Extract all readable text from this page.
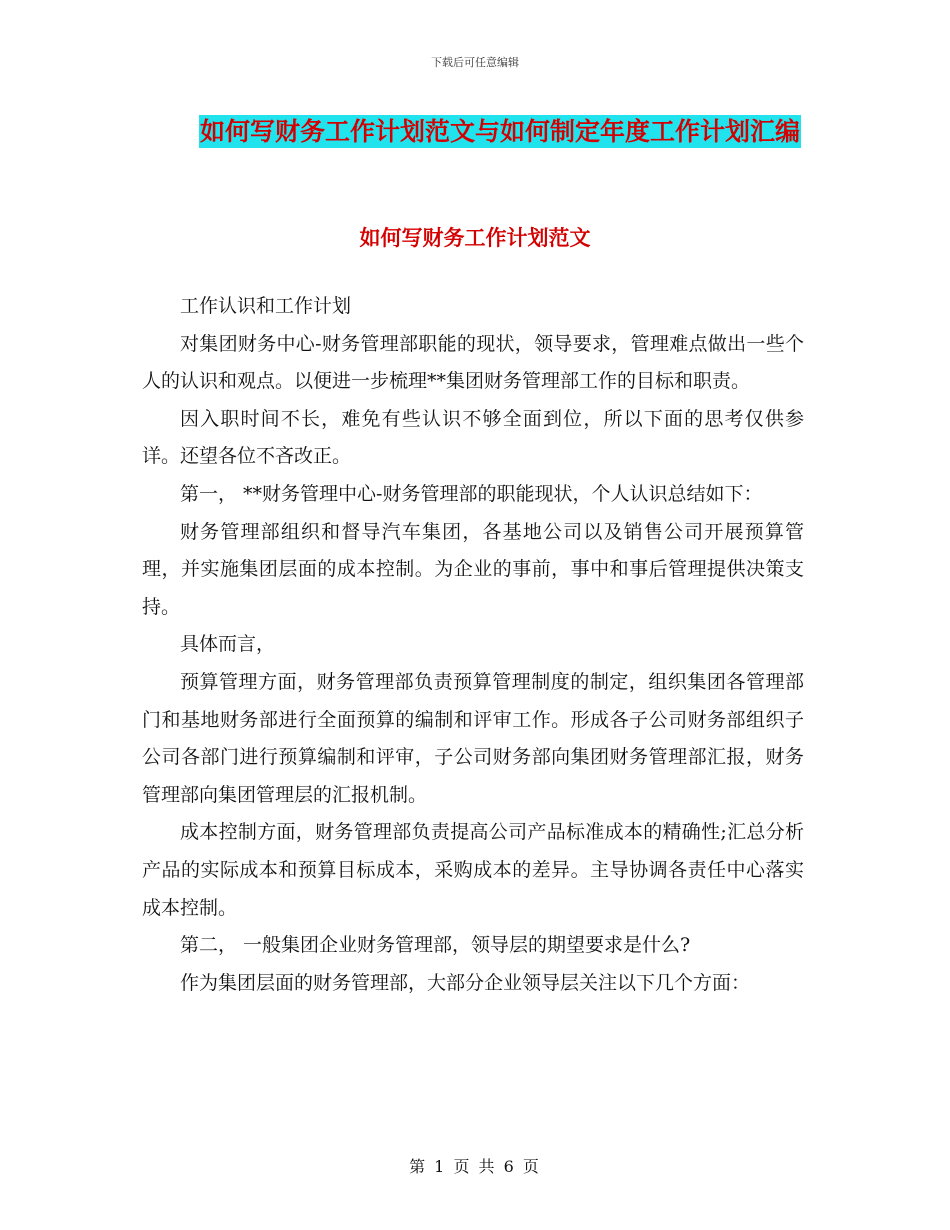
下载后可任意编辑
如何写财务工作计划范文与如何制定年度工作计划汇编
如何写财务工作计划范文

工作认识和工作计划

对集团财务中心-财务管理部职能的现状，领导要求，管理难点做出一些个人的认识和观点。以便进一步梳理**集团财务管理部工作的目标和职责。

因入职时间不长，难免有些认识不够全面到位，所以下面的思考仅供参详。还望各位不吝改正。

第一， **财务管理中心-财务管理部的职能现状，个人认识总结如下：

财务管理部组织和督导汽车集团，各基地公司以及销售公司开展预算管理，并实施集团层面的成本控制。为企业的事前，事中和事后管理提供决策支持。

具体而言，

预算管理方面，财务管理部负责预算管理制度的制定，组织集团各管理部门和基地财务部进行全面预算的编制和评审工作。形成各子公司财务部组织子公司各部门进行预算编制和评审，子公司财务部向集团财务管理部汇报，财务管理部向集团管理层的汇报机制。

成本控制方面，财务管理部负责提高公司产品标准成本的精确性;汇总分析产品的实际成本和预算目标成本，采购成本的差异。主导协调各责任中心落实成本控制。

第二， 一般集团企业财务管理部，领导层的期望要求是什么?

作为集团层面的财务管理部，大部分企业领导层关注以下几个方面：

第 1 页 共 6 页
